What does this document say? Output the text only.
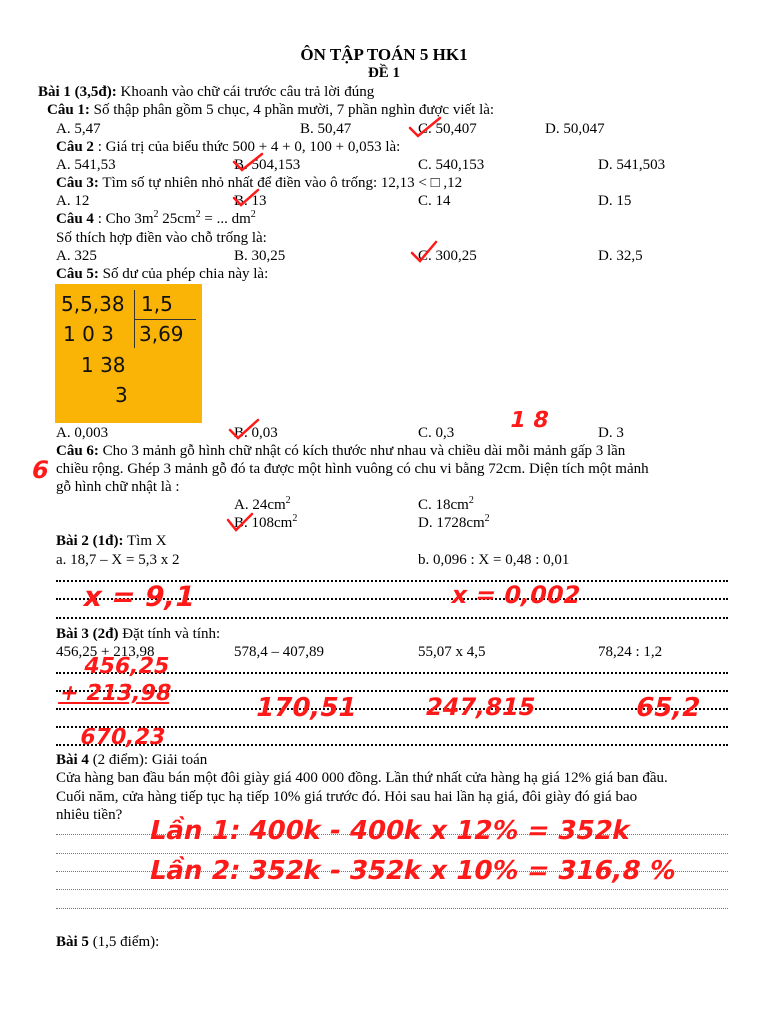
ÔN TẬP TOÁN 5 HK1
ĐỀ 1
Bài 1 (3,5đ): Khoanh vào chữ cái trước câu trả lời đúng
Câu 1: Số thập phân gồm 5 chục, 4 phần mười, 7 phần nghìn được viết là:
A. 5,47	B. 50,47	C. 50,407	D. 50,047
Câu 2 : Giá trị của biểu thức 500 + 4 + 0, 100 + 0,053 là:
A. 541,53	B. 504,153	C. 540,153	D. 541,503
Câu 3: Tìm số tự nhiên nhỏ nhất để điền vào ô trống: 12,13 < □ ,12
A. 12	B. 13	C. 14	D. 15
Câu 4 : Cho $3m^2$ $25cm^2$ = ... $dm^2$
Số thích hợp điền vào chỗ trống là:
A. 325	B. 30,25	C. 300,25	D. 32,5
Câu 5: Số dư của phép chia này là:
5,5,38 1,5
1 0 3 3,69
1 38
3
A. 0,003	B. 0,03	C. 0,3	D. 3
Câu 6: Cho 3 mảnh gỗ hình chữ nhật có kích thước như nhau và chiều dài mỗi mảnh gấp 3 lần
chiều rộng. Ghép 3 mảnh gỗ đó ta được một hình vuông có chu vi bằng 72cm. Diện tích một mảnh
gỗ hình chữ nhật là :
A. $24cm^2$	C. $18cm^2$
B. $108cm^2$	D. $1728cm^2$
Bài 2 (1đ): Tìm X
a. 18,7 – X = 5,3 x 2	b. 0,096 : X = 0,48 : 0,01
Bài 3 (2đ) Đặt tính và tính:
456,25 + 213,98	578,4 – 407,89	55,07 x 4,5	78,24 : 1,2
Bài 4 (2 điểm): Giải toán
Cửa hàng ban đầu bán một đôi giày giá 400 000 đồng. Lần thứ nhất cửa hàng hạ giá 12% giá ban đầu.
Cuối năm, cửa hàng tiếp tục hạ tiếp 10% giá trước đó. Hỏi sau hai lần hạ giá, đôi giày đó giá bao
nhiêu tiền?
Bài 5 (1,5 điểm):
1 8
6
x = 9,1	x = 0,002
456,25
+ 213,98
670,23
170,51	247,815	65,2
Lần 1: 400k - 400k x 12% = 352k
Lần 2: 352k - 352k x 10% = 316,8 %
